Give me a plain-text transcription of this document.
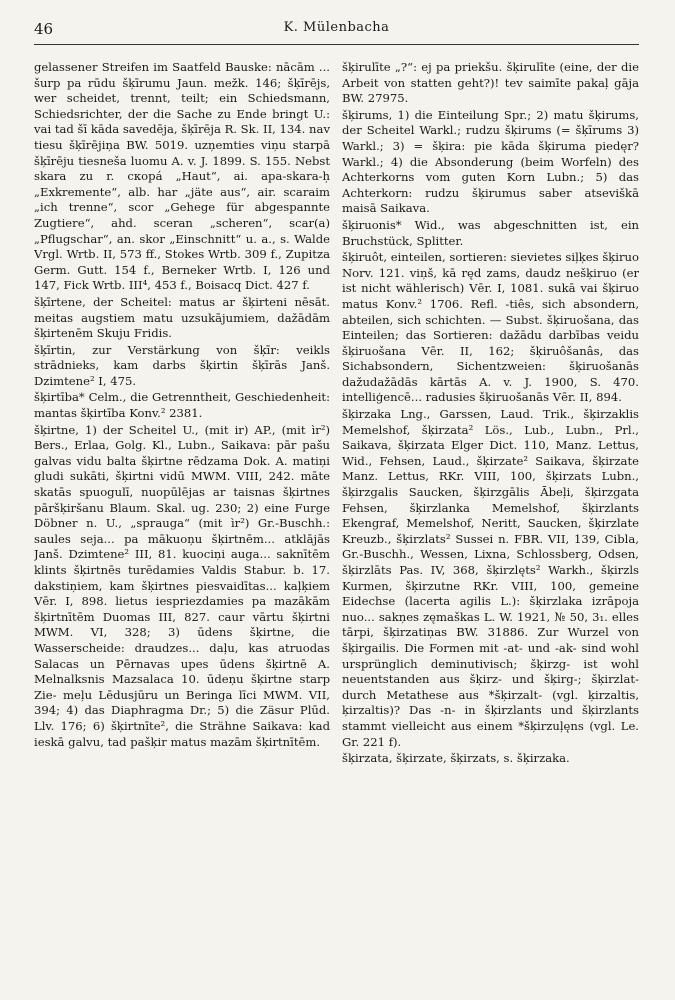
46	K. Mülenbacha

gelassener Streifen im Saatfeld Bauske: nācām ... šurp pa rūdu šķīrumu Jaun. mežk. 146; šķīrējs, wer scheidet, trennt, teilt; ein Schiedsmann, Schiedsrichter, der die Sache zu Ende bringt U.: vai tad šī kāda savedēja, šķīrēja R. Sk. II, 134. nav tiesu šķīrējiņa BW. 5019. uzņemties viņu starpā šķīrēju tiesneša luomu A. v. J. 1899. S. 155. Nebst skara zu r. скорá „Haut“, ai. apa-skara-ḥ „Exkremente“, alb. har „jäte aus“, air. scaraim „ich trenne“, scor „Gehege für abgespannte Zugtiere“, ahd. sceran „scheren“, scar(a) „Pflugschar“, an. skor „Einschnitt“ u. a., s. Walde Vrgl. Wrtb. II, 573 ff., Stokes Wrtb. 309 f., Zupitza Germ. Gutt. 154 f., Berneker Wrtb. I, 126 und 147, Fick Wrtb. III⁴, 453 f., Boisacq Dict. 427 f.

šķīrtene, der Scheitel: matus ar šķirteni nēsāt. meitas augstiem matu uzsukājumiem, dažādām šķirtenēm Skuju Fridis.

šķīrtin, zur Verstärkung von šķīr: veikls strādnieks, kam darbs šķirtin šķīrās Janš. Dzimtene² I, 475.

šķirtība* Celm., die Getrenntheit, Geschiedenheit: mantas šķirtība Konv.² 2381.

šķirtne, 1) der Scheitel U., (mit ir) AP., (mit ìr²) Bers., Erlaa, Golg. Kl., Lubn., Saikava: pār pašu galvas vidu balta šķirtne rēdzama Dok. A. matiņi gludi sukāti, šķirtni vidū MWM. VIII, 242. māte skatās spuogulī, nuopūlējas ar taisnas šķirtnes pāršķiršanu Blaum. Skal. ug. 230; 2) eine Furge Döbner n. U., „sprauga“ (mit ìr²) Gr.-Buschh.: saules seja... pa mākuoņu šķirtnēm... atklājās Janš. Dzimtene² III, 81. kuociņi auga... saknītēm klints šķirtnēs turēdamies Valdis Stabur. b. 17. dakstiņiem, kam šķirtnes piesvaidītas... kaļķiem Vēr. I, 898. lietus iespriezdamies pa mazākām šķirtnītēm Duomas III, 827. caur vārtu šķirtni MWM. VI, 328; 3) ūdens šķirtne, die Wasserscheide: draudzes... daļu, kas atruodas Salacas un Pērnavas upes ūdens šķirtnē A. Melnalksnis Mazsalaca 10. ūdeņu šķirtne starp Zie- meļu Lēdusjūru un Beringa līci MWM. VII, 394; 4) das Diaphragma Dr.; 5) die Zäsur Plūd. Llv. 176; 6) šķirtnīte², die Strähne Saikava: kad ieskā galvu, tad pašķir matus mazām šķirtnītēm.

šķirulīte „?“: ej pa priekšu. šķirulīte (eine, der die Arbeit von statten geht?)! tev saimīte pakaļ gāja BW. 27975.

šķirums, 1) die Einteilung Spr.; 2) matu šķirums, der Scheitel Warkl.; rudzu šķirums (= šķīrums 3) Warkl.; 3) = šķira: pie kāda šķiruma piedęr? Warkl.; 4) die Absonderung (beim Worfeln) des Achterkorns vom guten Korn Lubn.; 5) das Achterkorn: rudzu šķirumus saber atseviškā maisā Saikava.

šķiruonis* Wid., was abgeschnitten ist, ein Bruchstück, Splitter.

šķiruôt, einteilen, sortieren: sievietes siļķes šķiruo Norv. 121. viņš, kā ręd zams, daudz nešķiruo (er ist nicht wählerisch) Vēr. I, 1081. sukā vai šķiruo matus Konv.² 1706. Refl. -tiês, sich absondern, abteilen, sich schichten. — Subst. šķiruošana, das Einteilen; das Sortieren: dažādu darbības veidu šķiruošana Vēr. II, 162; šķiruôšanâs, das Sichabsondern, Sichentzweien: šķiruošanās dažudažādās kārtās A. v. J. 1900, S. 470. intelliģencē... radusies šķiruošanās Vēr. II, 894.

šķirzaka Lng., Garssen, Laud. Trik., šķirzaklis Memelshof, šķirzata² Lös., Lub., Lubn., Prl., Saikava, šķirzata Elger Dict. 110, Manz. Lettus, Wid., Fehsen, Laud., šķirzate² Saikava, šķirzate Manz. Lettus, RKr. VIII, 100, šķirzats Lubn., šķirzgalis Saucken, šķirzgālis Ābeļi, šķirzgata Fehsen, šķirzlanka Memelshof, šķirzlants Ekengraf, Memelshof, Neritt, Saucken, šķirzlate Kreuzb., šķirzlats² Sussei n. FBR. VII, 139, Cibla, Gr.-Buschh., Wessen, Lixna, Schlossberg, Odsen, šķirzlāts Pas. IV, 368, šķirzlęts² Warkh., šķirzls Kurmen, šķirzutne RKr. VIII, 100, gemeine Eidechse (lacerta agilis L.): šķirzlaka izrāpoja nuo... sakņes zęmaškas L. W. 1921, № 50, 3₁. elles tārpi, šķirzatiņas BW. 31886. Zur Wurzel von šķirgailis. Die Formen mit -at- und -ak- sind wohl ursprünglich deminutivisch; šķirzg- ist wohl neuentstanden aus šķirz- und šķirg-; šķirzlat- durch Metathese aus *šķirzalt- (vgl. ķirzaltis, ķirzaltis)? Das -n- in šķirzlants und šķirzlants stammt vielleicht aus einem *šķirzuļęns (vgl. Le. Gr. 221 f).

šķirzata, šķirzate, šķirzats, s. šķirzaka.
